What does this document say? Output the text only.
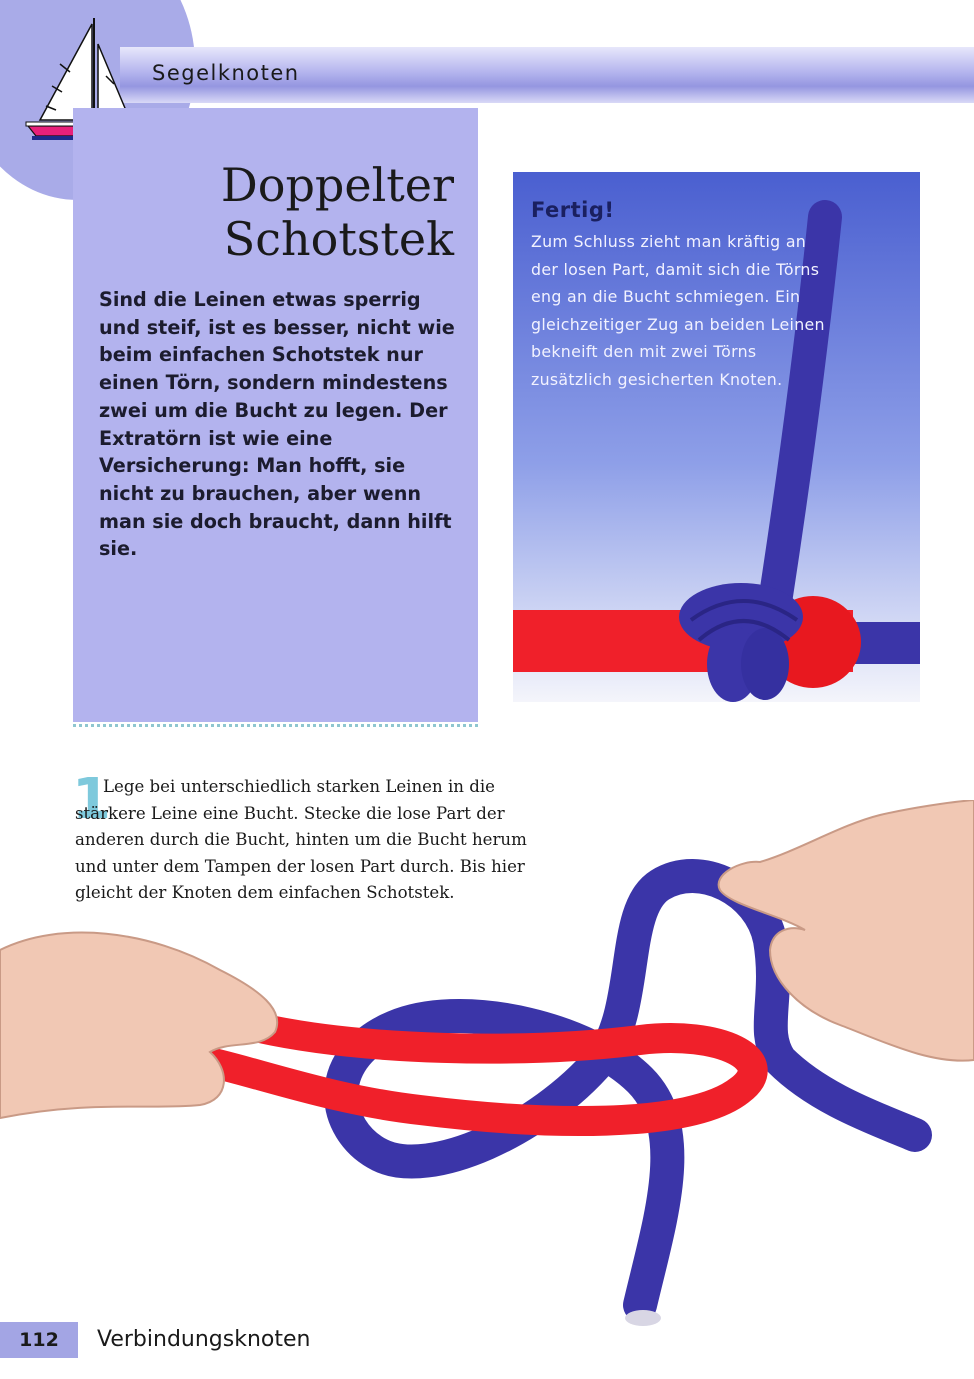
Segelknoten
Doppelter
Schotstek

Sind die Leinen etwas sperrig und steif, ist es besser, nicht wie beim einfachen Schotstek nur einen Törn, sondern mindestens zwei um die Bucht zu legen. Der Extratörn ist wie eine Versicherung: Man hofft, sie nicht zu brauchen, aber wenn man sie doch braucht, dann hilft sie.

Fertig!

Zum Schluss zieht man kräftig an der losen Part, damit sich die Törns eng an die Bucht schmiegen. Ein gleichzeitiger Zug an beiden Leinen bekneift den mit zwei Törns zusätzlich gesicherten Knoten.

1

Lege bei unterschiedlich starken Leinen in die stärkere Leine eine Bucht. Stecke die lose Part der anderen durch die Bucht, hinten um die Bucht herum und unter dem Tampen der losen Part durch. Bis hier gleicht der Knoten dem einfachen Schotstek.

112	Verbindungsknoten
